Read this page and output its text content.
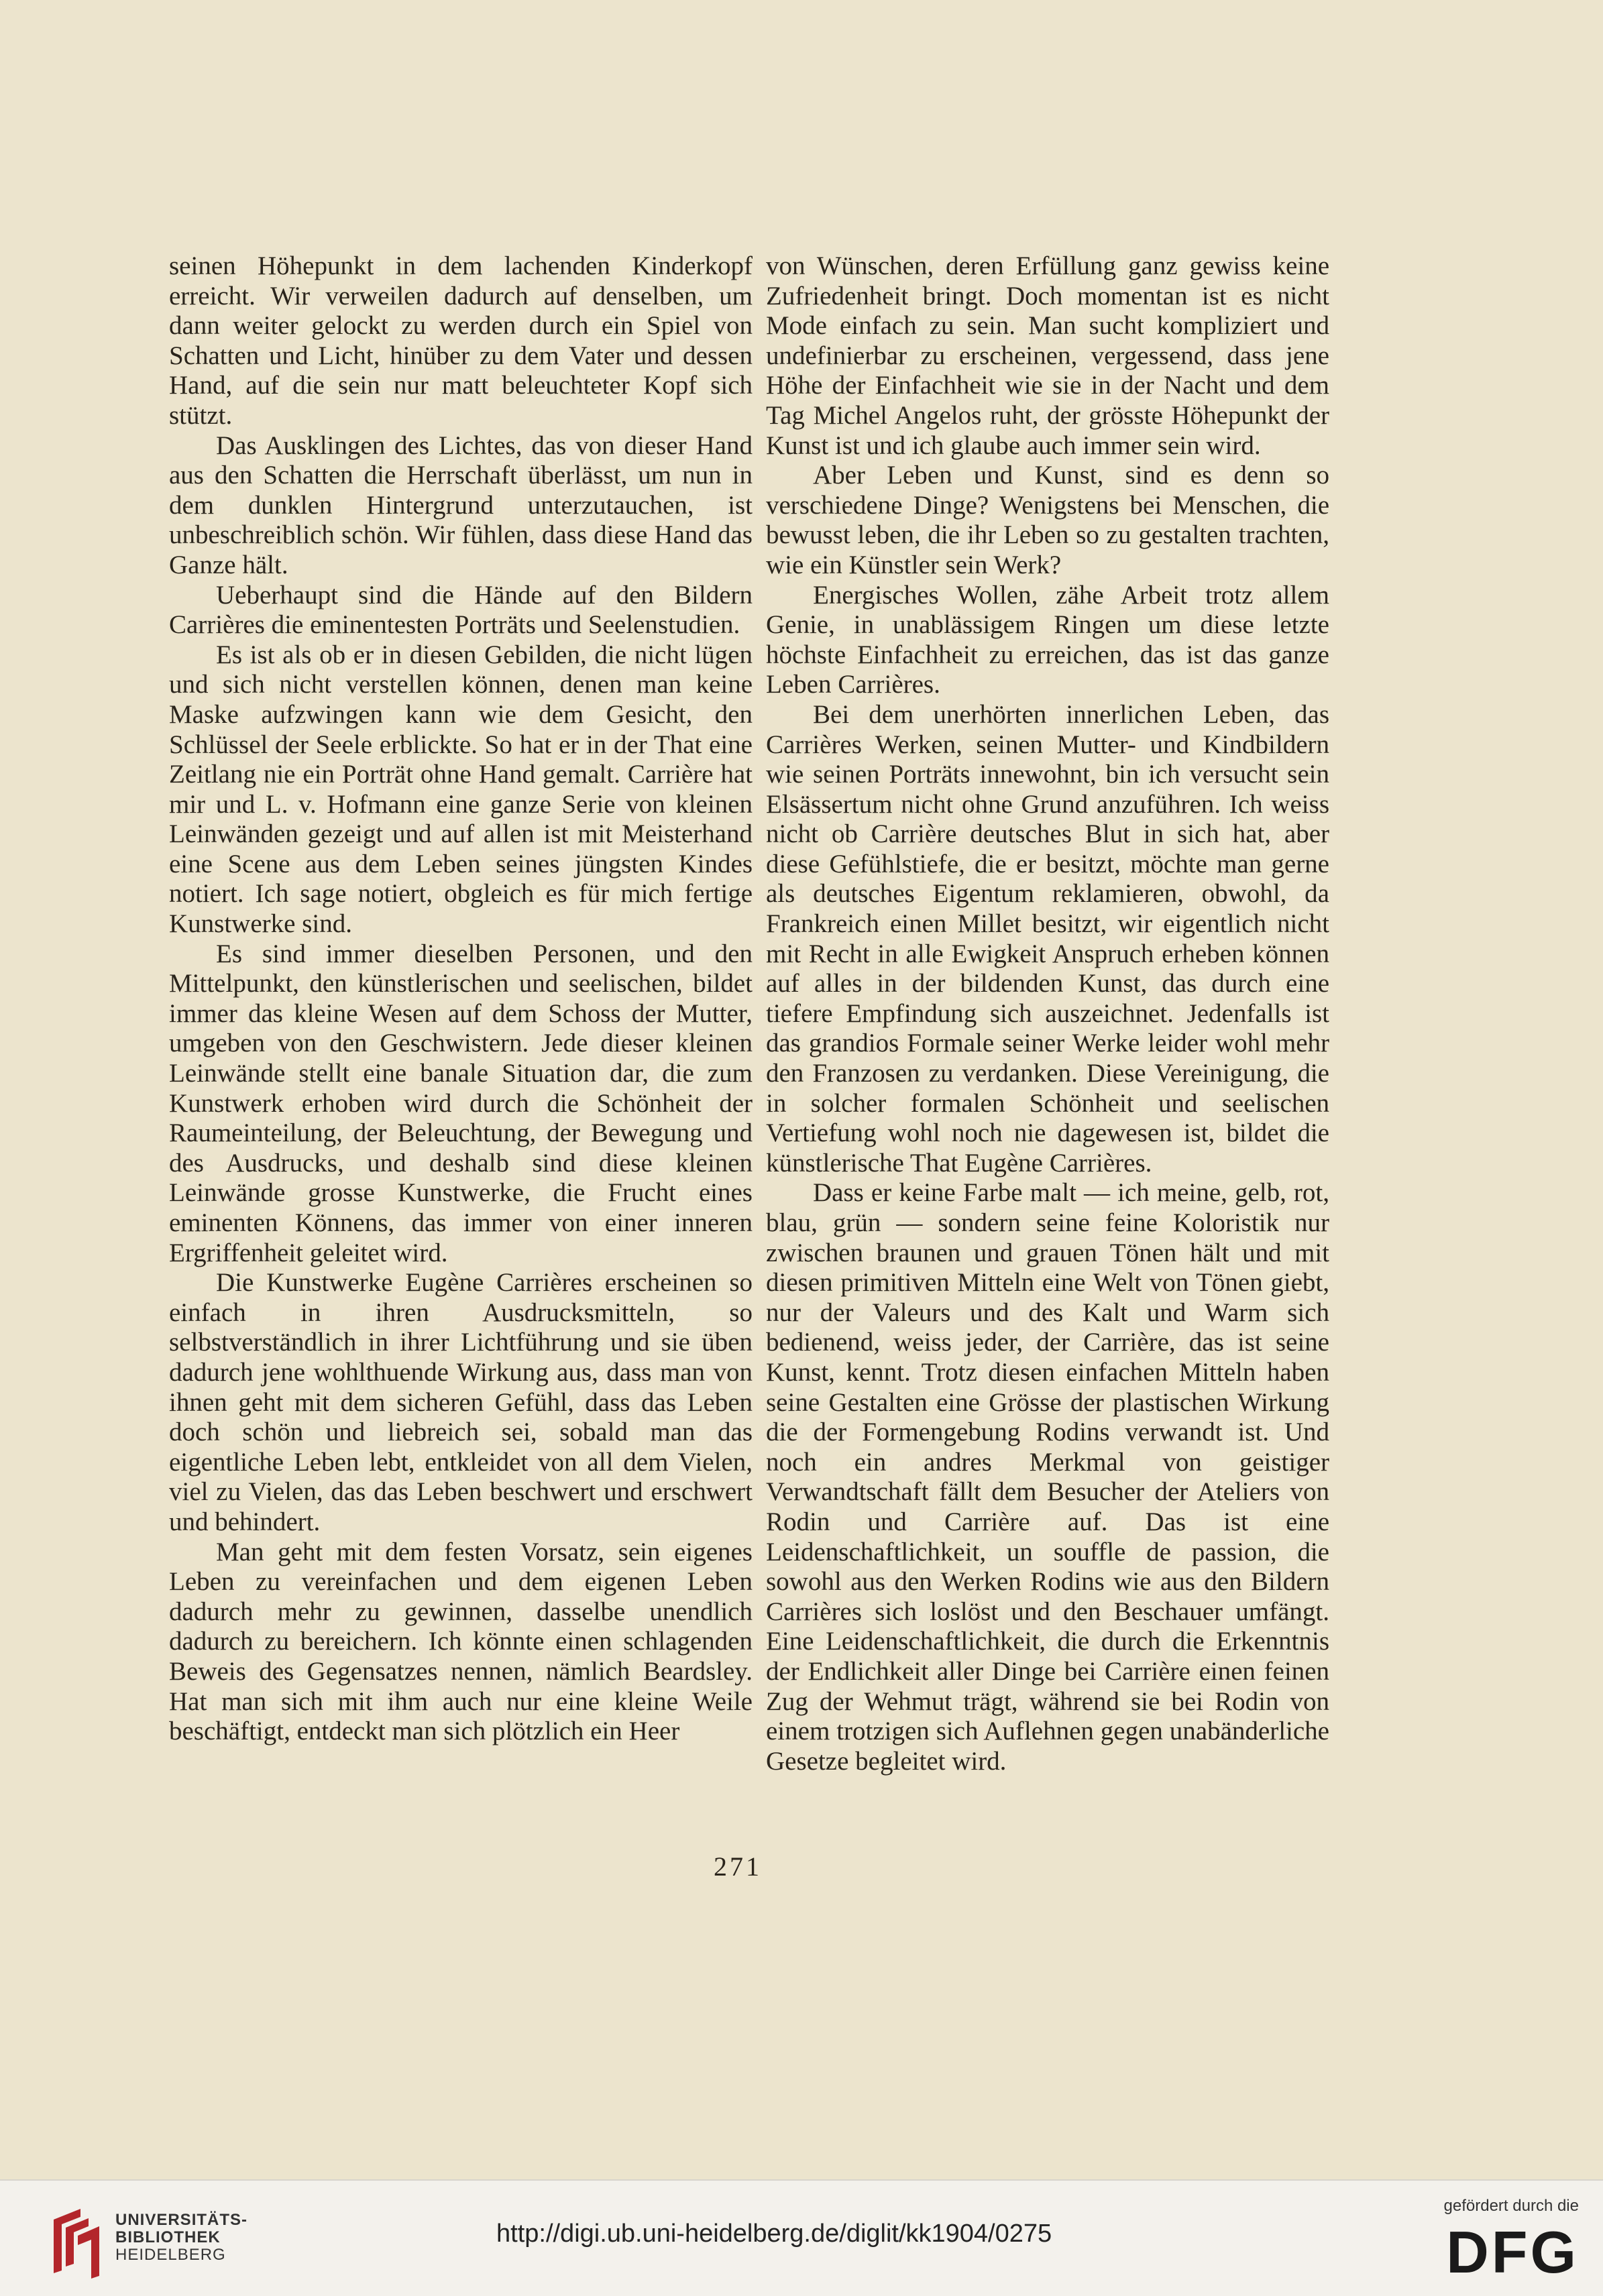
seinen Höhepunkt in dem lachenden Kinderkopf erreicht. Wir verweilen dadurch auf denselben, um dann weiter gelockt zu werden durch ein Spiel von Schatten und Licht, hinüber zu dem Vater und dessen Hand, auf die sein nur matt beleuchteter Kopf sich stützt.

Das Ausklingen des Lichtes, das von dieser Hand aus den Schatten die Herrschaft überlässt, um nun in dem dunklen Hintergrund unterzutauchen, ist unbeschreiblich schön. Wir fühlen, dass diese Hand das Ganze hält.

Ueberhaupt sind die Hände auf den Bildern Carrières die eminentesten Porträts und Seelenstudien.

Es ist als ob er in diesen Gebilden, die nicht lügen und sich nicht verstellen können, denen man keine Maske aufzwingen kann wie dem Gesicht, den Schlüssel der Seele erblickte. So hat er in der That eine Zeitlang nie ein Porträt ohne Hand gemalt. Carrière hat mir und L. v. Hofmann eine ganze Serie von kleinen Leinwänden gezeigt und auf allen ist mit Meisterhand eine Scene aus dem Leben seines jüngsten Kindes notiert. Ich sage notiert, obgleich es für mich fertige Kunstwerke sind.

Es sind immer dieselben Personen, und den Mittelpunkt, den künstlerischen und seelischen, bildet immer das kleine Wesen auf dem Schoss der Mutter, umgeben von den Geschwistern. Jede dieser kleinen Leinwände stellt eine banale Situation dar, die zum Kunstwerk erhoben wird durch die Schönheit der Raumeinteilung, der Beleuchtung, der Bewegung und des Ausdrucks, und deshalb sind diese kleinen Leinwände grosse Kunstwerke, die Frucht eines eminenten Könnens, das immer von einer inneren Ergriffenheit geleitet wird.

Die Kunstwerke Eugène Carrières erscheinen so einfach in ihren Ausdrucksmitteln, so selbstverständlich in ihrer Lichtführung und sie üben dadurch jene wohlthuende Wirkung aus, dass man von ihnen geht mit dem sicheren Gefühl, dass das Leben doch schön und liebreich sei, sobald man das eigentliche Leben lebt, entkleidet von all dem Vielen, viel zu Vielen, das das Leben beschwert und erschwert und behindert.

Man geht mit dem festen Vorsatz, sein eigenes Leben zu vereinfachen und dem eigenen Leben dadurch mehr zu gewinnen, dasselbe unendlich dadurch zu bereichern. Ich könnte einen schlagenden Beweis des Gegensatzes nennen, nämlich Beardsley. Hat man sich mit ihm auch nur eine kleine Weile beschäftigt, entdeckt man sich plötzlich ein Heer

von Wünschen, deren Erfüllung ganz gewiss keine Zufriedenheit bringt. Doch momentan ist es nicht Mode einfach zu sein. Man sucht kompliziert und undefinierbar zu erscheinen, vergessend, dass jene Höhe der Einfachheit wie sie in der Nacht und dem Tag Michel Angelos ruht, der grösste Höhepunkt der Kunst ist und ich glaube auch immer sein wird.

Aber Leben und Kunst, sind es denn so verschiedene Dinge? Wenigstens bei Menschen, die bewusst leben, die ihr Leben so zu gestalten trachten, wie ein Künstler sein Werk?

Energisches Wollen, zähe Arbeit trotz allem Genie, in unablässigem Ringen um diese letzte höchste Einfachheit zu erreichen, das ist das ganze Leben Carrières.

Bei dem unerhörten innerlichen Leben, das Carrières Werken, seinen Mutter- und Kindbildern wie seinen Porträts innewohnt, bin ich versucht sein Elsässertum nicht ohne Grund anzuführen. Ich weiss nicht ob Carrière deutsches Blut in sich hat, aber diese Gefühlstiefe, die er besitzt, möchte man gerne als deutsches Eigentum reklamieren, obwohl, da Frankreich einen Millet besitzt, wir eigentlich nicht mit Recht in alle Ewigkeit Anspruch erheben können auf alles in der bildenden Kunst, das durch eine tiefere Empfindung sich auszeichnet. Jedenfalls ist das grandios Formale seiner Werke leider wohl mehr den Franzosen zu verdanken. Diese Vereinigung, die in solcher formalen Schönheit und seelischen Vertiefung wohl noch nie dagewesen ist, bildet die künstlerische That Eugène Carrières.

Dass er keine Farbe malt — ich meine, gelb, rot, blau, grün — sondern seine feine Koloristik nur zwischen braunen und grauen Tönen hält und mit diesen primitiven Mitteln eine Welt von Tönen giebt, nur der Valeurs und des Kalt und Warm sich bedienend, weiss jeder, der Carrière, das ist seine Kunst, kennt. Trotz diesen einfachen Mitteln haben seine Gestalten eine Grösse der plastischen Wirkung die der Formengebung Rodins verwandt ist. Und noch ein andres Merkmal von geistiger Verwandtschaft fällt dem Besucher der Ateliers von Rodin und Carrière auf. Das ist eine Leidenschaftlichkeit, un souffle de passion, die sowohl aus den Werken Rodins wie aus den Bildern Carrières sich loslöst und den Beschauer umfängt. Eine Leidenschaftlichkeit, die durch die Erkenntnis der Endlichkeit aller Dinge bei Carrière einen feinen Zug der Wehmut trägt, während sie bei Rodin von einem trotzigen sich Auflehnen gegen unabänderliche Gesetze begleitet wird.

271
UNIVERSITÄTS-
BIBLIOTHEK
HEIDELBERG
http://digi.ub.uni-heidelberg.de/diglit/kk1904/0275
gefördert durch die
DFG
